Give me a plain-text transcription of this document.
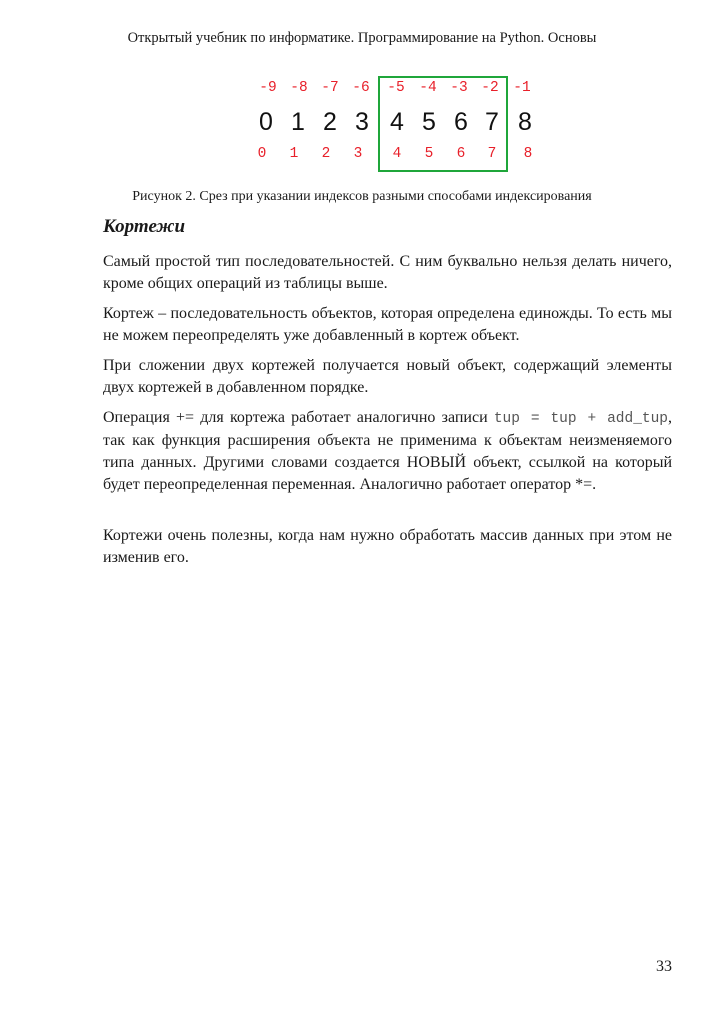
Открытый учебник по информатике. Программирование на Python. Основы
-9 -8 -7 -6 -5 -4 -3 -2 -1
0 1 2 3 4 5 6 7 8
0 1 2 3 4 5 6 7 8
Рисунок 2. Срез при указании индексов разными способами индексирования
Кортежи

Самый простой тип последовательностей. С ним буквально нельзя делать ничего, кроме общих операций из таблицы выше.

Кортеж – последовательность объектов, которая определена единожды. То есть мы не можем переопределять уже добавленный в кортеж объект.

При сложении двух кортежей получается новый объект, содержащий элементы двух кортежей в добавленном порядке.

Операция += для кортежа работает аналогично записи tup = tup + add_tup, так как функция расширения объекта не применима к объектам неизменяемого типа данных. Другими словами создается НОВЫЙ объект, ссылкой на который будет переопределенная переменная. Аналогично работает оператор *=.

Кортежи очень полезны, когда нам нужно обработать массив данных при этом не изменив его.

33
